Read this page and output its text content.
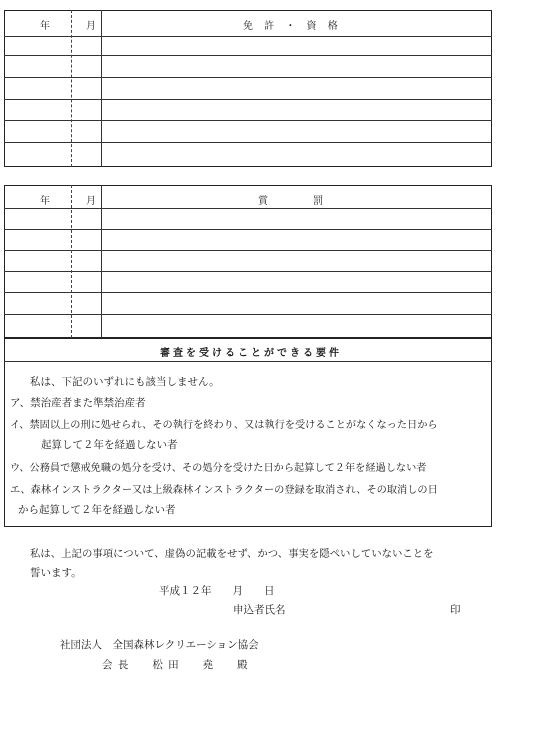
年	月	免 許 ・ 資 格
年	月	賞 罰
審査を受けることができる要件
私は、下記のいずれにも該当しません。
ア、禁治産者また準禁治産者
イ、禁固以上の刑に処せられ、その執行を終わり、又は執行を受けることがなくなった日から
起算して２年を経過しない者
ウ、公務員で懲戒免職の処分を受け、その処分を受けた日から起算して２年を経過しない者
エ、森林インストラクター又は上級森林インストラクターの登録を取消され、その取消しの日
から起算して２年を経過しない者
私は、上記の事項について、虚偽の記載をせず、かつ、事実を隠ぺいしていないことを
誓います。
平成１２年　　月　　日
申込者氏名	印
社団法人　全国森林レクリエーション協会
会 長　　松 田　　堯　　殿
